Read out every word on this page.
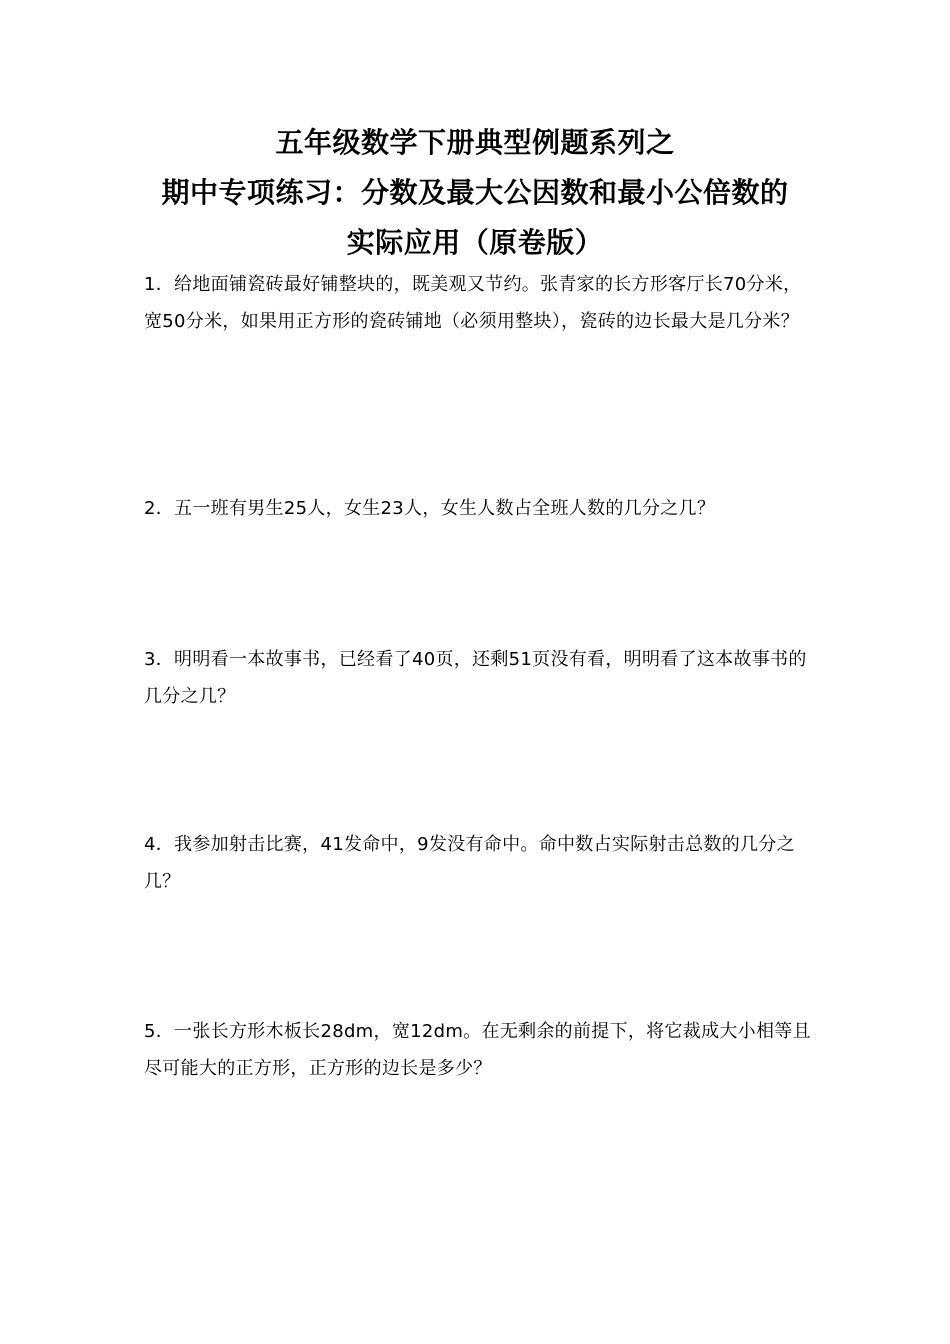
五年级数学下册典型例题系列之
期中专项练习：分数及最大公因数和最小公倍数的
实际应用（原卷版）
1．给地面铺瓷砖最好铺整块的，既美观又节约。张青家的长方形客厅长70分米，宽50分米，如果用正方形的瓷砖铺地（必须用整块），瓷砖的边长最大是几分米？
2．五一班有男生25人，女生23人，女生人数占全班人数的几分之几？
3．明明看一本故事书，已经看了40页，还剩51页没有看，明明看了这本故事书的几分之几？
4．我参加射击比赛，41发命中，9发没有命中。命中数占实际射击总数的几分之几？
5．一张长方形木板长28dm，宽12dm。在无剩余的前提下，将它裁成大小相等且尽可能大的正方形，正方形的边长是多少？
